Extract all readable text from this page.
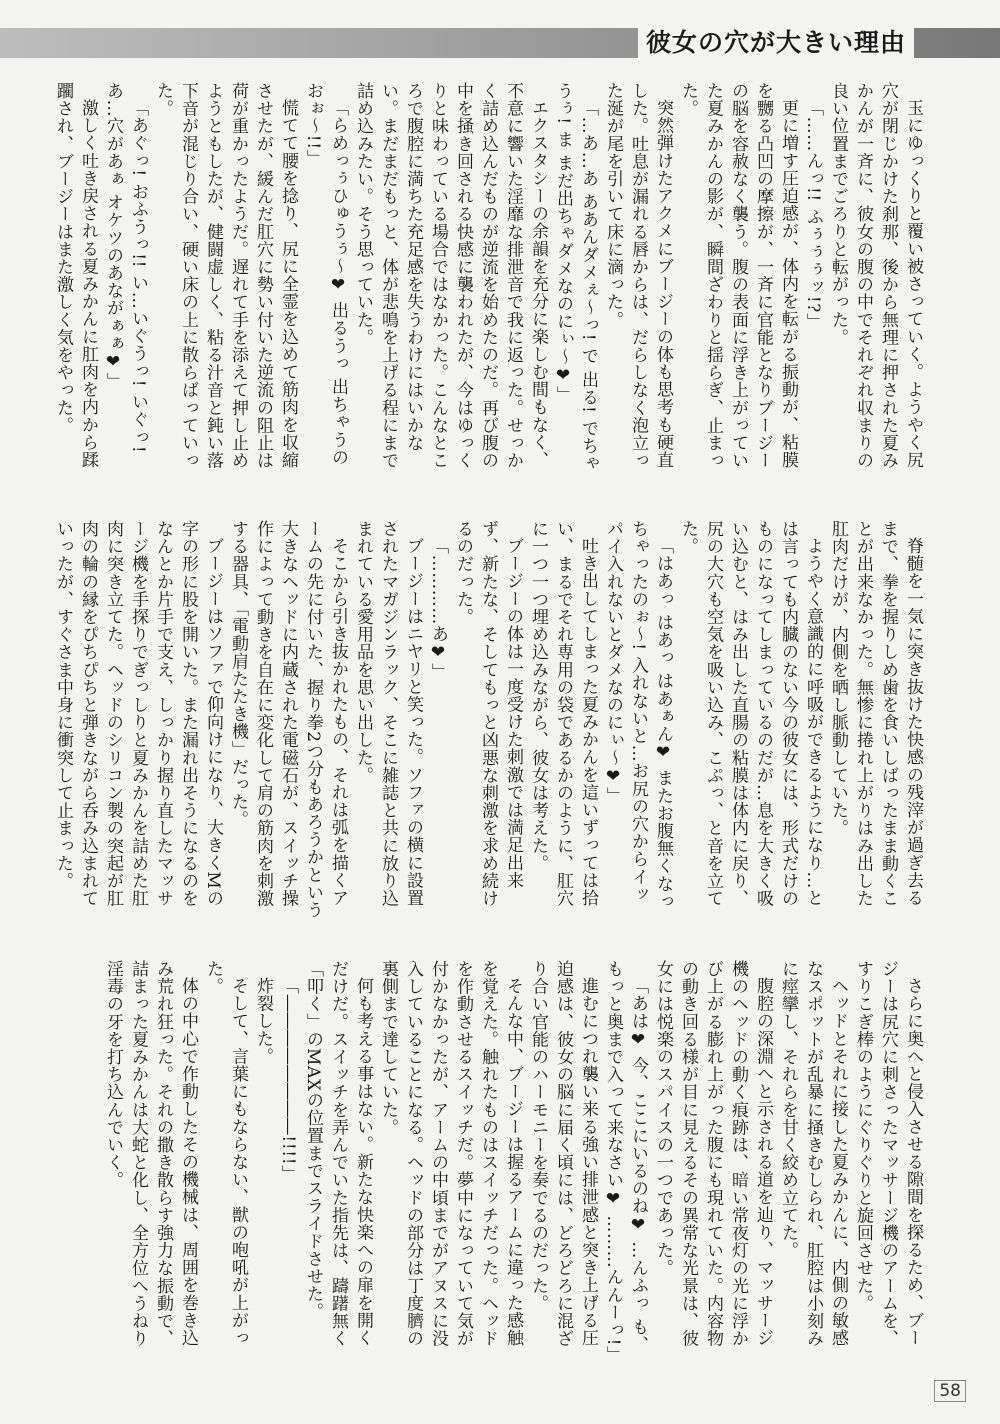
彼女の穴が大きい理由

玉にゆっくりと覆い被さっていく。ようやく尻穴が閉じかけた刹那、後から無理に押された夏みかんが一斉に、彼女の腹の中でそれぞれ収まりの良い位置までごろりと転がった。

「……んっ!! ふぅぅぅッ!?」

更に増す圧迫感が、体内を転がる振動が、粘膜を嬲る凸凹の摩擦が、一斉に官能となりブージーの脳を容赦なく襲う。腹の表面に浮き上がっていた夏みかんの影が、瞬間ざわりと揺らぎ、止まった。

突然弾けたアクメにブージーの体も思考も硬直した。吐息が漏れる唇からは、だらしなく泡立った涎が尾を引いて床に滴った。

「…あ…あ ああんダメぇ～っ! で 出る! でちゃうぅ! ま まだ出ちゃダメなのにぃ～❤」

エクスタシーの余韻を充分に楽しむ間もなく、不意に響いた淫靡な排泄音で我に返った。せっかく詰め込んだものが逆流を始めたのだ。再び腹の中を掻き回される快感に襲われたが、今はゆっくりと味わっている場合ではなかった。こんなところで腹腔に満ちた充足感を失うわけにはいかない。まだまだもっと、体が悲鳴を上げる程にまで詰め込みたい。そう思っていた。

「らめっぅひゅうぅ～❤ 出るうっ 出ちゃうのおぉ～!!」

慌てて腰を捻り、尻に全霊を込めて筋肉を収縮させたが、緩んだ肛穴に勢い付いた逆流の阻止は荷が重かったようだ。遅れて手を添えて押し止めようともしたが、健闘虚しく、粘る汁音と鈍い落下音が混じり合い、硬い床の上に散らばっていった。

「あぐっ! おふうっ!! い…いぐうっ! いぐっ! あ…穴があぁ オケツのあながぁぁ❤」

激しく吐き戻される夏みかんに肛肉を内から蹂躙され、ブージーはまた激しく気をやった。

脊髄を一気に突き抜けた快感の残滓が過ぎ去るまで、拳を握りしめ歯を食いしばったまま動くことが出来なかった。無惨に捲れ上がりはみ出した肛肉だけが、内側を晒し脈動していた。

ようやく意識的に呼吸ができるようになり…とは言っても内臓のない今の彼女には、形式だけのものになってしまっているのだが…息を大きく吸い込むと、はみ出した直腸の粘膜は体内に戻り、尻の大穴も空気を吸い込み、こぷっ、と音を立てた。

「はあっ はあっ はあぁん❤ またお腹無くなっちゃったのぉ～! 入れないと…お尻の穴からイッパイ入れないとダメなのにぃ～❤」

吐き出してしまった夏みかんを這いずっては拾い、まるでそれ専用の袋であるかのように、肛穴に一つ一つ埋め込みながら、彼女は考えた。

ブージーの体は一度受けた刺激では満足出来ず、新たな、そしてもっと凶悪な刺激を求め続けるのだった。

「…………あ❤」

ブージーはニヤリと笑った。ソファの横に設置されたマガジンラック、そこに雑誌と共に放り込まれている愛用品を思い出した。

そこから引き抜かれたもの、それは弧を描くアームの先に付いた、握り拳2つ分もあろうかという大きなヘッドに内蔵された電磁石が、スイッチ操作によって動きを自在に変化して肩の筋肉を刺激する器具、「電動肩たたき機」だった。

ブージーはソファで仰向けになり、大きくMの字の形に股を開いた。また漏れ出そうになるのをなんとか片手で支え、しっかり握り直したマッサージ機を手探りでぎっしりと夏みかんを詰めた肛肉に突き立てた。ヘッドのシリコン製の突起が肛肉の輪の縁をぴちぴちと弾きながら呑み込まれていったが、すぐさま中身に衝突して止まった。

さらに奥へと侵入させる隙間を探るため、ブージーは尻穴に刺さったマッサージ機のアームを、すりこぎ棒のようにぐりぐりと旋回させた。

ヘッドとそれに接した夏みかんに、内側の敏感なスポットが乱暴に掻きむしられ、肛腔は小刻みに痙攣し、それらを甘く絞め立てた。

腹腔の深淵へと示される道を辿り、マッサージ機のヘッドの動く痕跡は、暗い常夜灯の光に浮かび上がる膨れ上がった腹にも現れていた。内容物の動き回る様が目に見えるその異常な光景は、彼女には悦楽のスパイスの一つであった。

「あは❤ 今、ここにいるのね❤ …んふっ も、もっと奥まで入って来なさい❤ ………んんーっ!」

進むにつれ襲い来る強い排泄感と突き上げる圧迫感は、彼女の脳に届く頃には、どろどろに混ざり合い官能のハーモニーを奏でるのだった。

そんな中、ブージーは握るアームに違った感触を覚えた。触れたものはスイッチだった。ヘッドを作動させるスイッチだ。夢中になっていて気が付かなかったが、アームの中頃までがアヌスに没入していることになる。ヘッドの部分は丁度臍の裏側まで達していた。

何も考える事はない。新たな快楽への扉を開くだけだ。スイッチを弄んでいた指先は、躊躇無く「叩く」のMAXの位置までスライドさせた。

「――――――――!!!!」

炸裂した。

そして、言葉にもならない、獣の咆吼が上がった。

体の中心で作動したその機械は、周囲を巻き込み荒れ狂った。それの撒き散らす強力な振動で、詰まった夏みかんは大蛇と化し、全方位へうねり淫毒の牙を打ち込んでいく。

58
